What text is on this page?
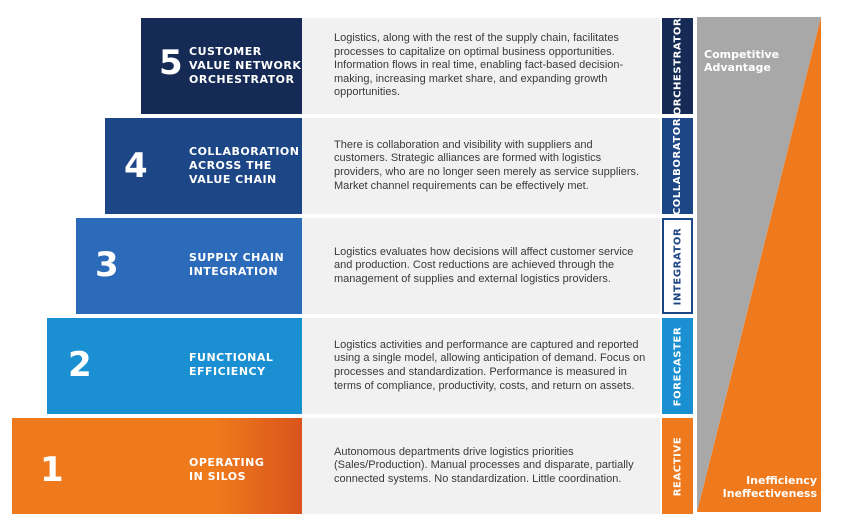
5 CUSTOMER
VALUE NETWORK
ORCHESTRATOR
Logistics, along with the rest of the supply chain, facilitates processes to capitalize on optimal business opportunities. Information flows in real time, enabling fact-based decision-making, increasing market share, and expanding growth opportunities.	ORCHESTRATOR
4	COLLABORATION
ACROSS THE
VALUE CHAIN
There is collaboration and visibility with suppliers and customers. Strategic alliances are formed with logistics providers, who are no longer seen merely as service suppliers. Market channel requirements can be effectively met.	COLLABORATOR
3	SUPPLY CHAIN
INTEGRATION
Logistics evaluates how decisions will affect customer service and production. Cost reductions are achieved through the management of supplies and external logistics providers.	INTEGRATOR
2	FUNCTIONAL
EFFICIENCY
Logistics activities and performance are captured and reported using a single model, allowing anticipation of demand. Focus on processes and standardization. Performance is measured in terms of compliance, productivity, costs, and return on assets.	FORECASTER
1	OPERATING
IN SILOS
Autonomous departments drive logistics priorities (Sales/Production). Manual processes and disparate, partially connected systems. No standardization. Little coordination.	REACTIVE
Competitive Advantage
Inefficiency
Ineffectiveness
